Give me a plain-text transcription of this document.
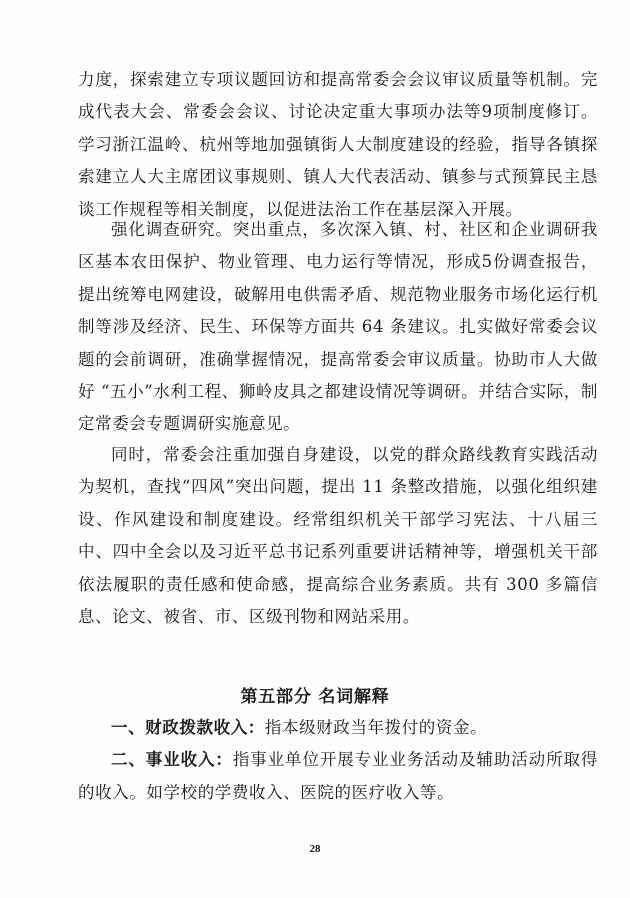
力度，探索建立专项议题回访和提高常委会会议审议质量等机制。完成代表大会、常委会会议、讨论决定重大事项办法等9项制度修订。学习浙江温岭、杭州等地加强镇街人大制度建设的经验，指导各镇探索建立人大主席团议事规则、镇人大代表活动、镇参与式预算民主恳谈工作规程等相关制度，以促进法治工作在基层深入开展。

强化调查研究。突出重点，多次深入镇、村、社区和企业调研我区基本农田保护、物业管理、电力运行等情况，形成5份调查报告，提出统筹电网建设，破解用电供需矛盾、规范物业服务市场化运行机制等涉及经济、民生、环保等方面共 64 条建议。扎实做好常委会议题的会前调研，准确掌握情况，提高常委会审议质量。协助市人大做好 “五小”水利工程、狮岭皮具之都建设情况等调研。并结合实际，制定常委会专题调研实施意见。

同时，常委会注重加强自身建设，以党的群众路线教育实践活动为契机，查找“四风”突出问题，提出 11 条整改措施，以强化组织建设、作风建设和制度建设。经常组织机关干部学习宪法、十八届三中、四中全会以及习近平总书记系列重要讲话精神等，增强机关干部依法履职的责任感和使命感，提高综合业务素质。共有 300 多篇信息、论文、被省、市、区级刊物和网站采用。

第五部分 名词解释

一、财政拨款收入：指本级财政当年拨付的资金。

二、事业收入：指事业单位开展专业业务活动及辅助活动所取得的收入。如学校的学费收入、医院的医疗收入等。

28
